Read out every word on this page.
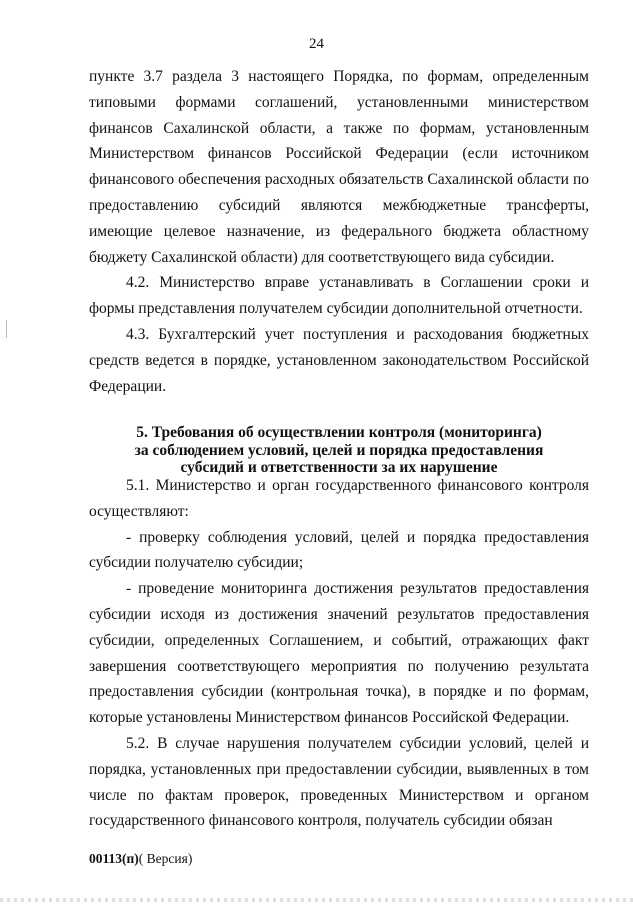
24

пункте 3.7 раздела 3 настоящего Порядка, по формам, определенным типовыми формами соглашений, установленными министерством финансов Сахалинской области, а также по формам, установленным Министерством финансов Российской Федерации (если источником финансового обеспечения расходных обязательств Сахалинской области по предоставлению субсидий являются межбюджетные трансферты, имеющие целевое назначение, из федерального бюджета областному бюджету Сахалинской области) для соответствующего вида субсидии.

4.2. Министерство вправе устанавливать в Соглашении сроки и формы представления получателем субсидии дополнительной отчетности.

4.3. Бухгалтерский учет поступления и расходования бюджетных средств ведется в порядке, установленном законодательством Российской Федерации.

5. Требования об осуществлении контроля (мониторинга)
за соблюдением условий, целей и порядка предоставления
субсидий и ответственности за их нарушение

5.1. Министерство и орган государственного финансового контроля осуществляют:

- проверку соблюдения условий, целей и порядка предоставления субсидии получателю субсидии;

- проведение мониторинга достижения результатов предоставления субсидии исходя из достижения значений результатов предоставления субсидии, определенных Соглашением, и событий, отражающих факт завершения соответствующего мероприятия по получению результата предоставления субсидии (контрольная точка), в порядке и по формам, которые установлены Министерством финансов Российской Федерации.

5.2. В случае нарушения получателем субсидии условий, целей и порядка, установленных при предоставлении субсидии, выявленных в том числе по фактам проверок, проведенных Министерством и органом государственного финансового контроля, получатель субсидии обязан

00113(п)( Версия)
